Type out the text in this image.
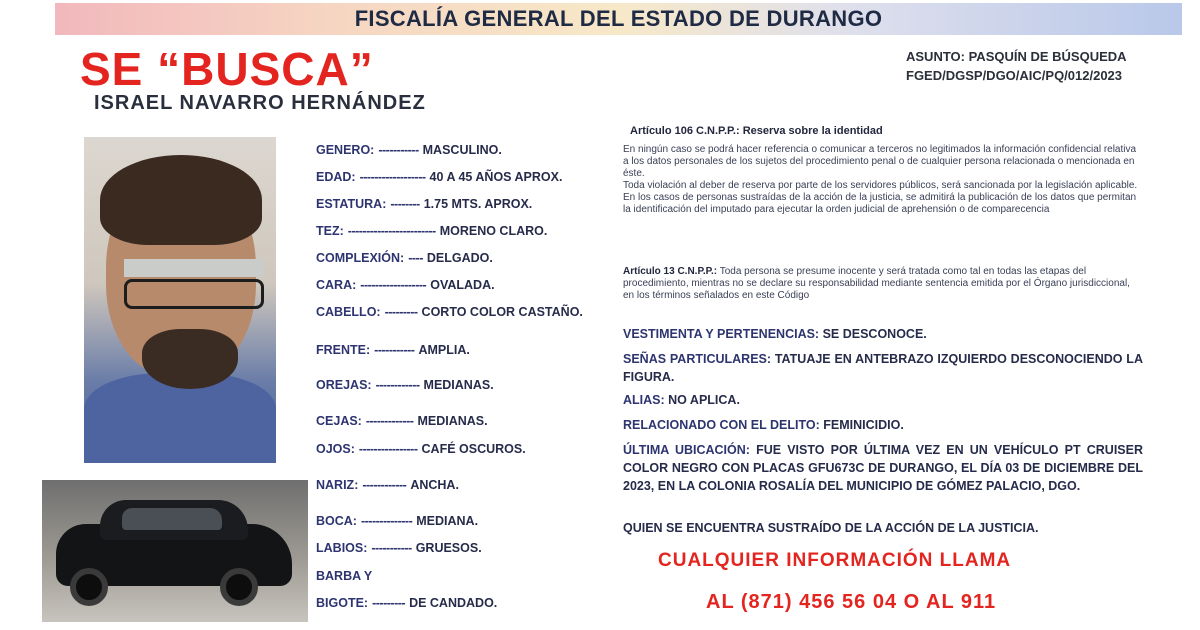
FISCALÍA GENERAL DEL ESTADO DE DURANGO
SE “BUSCA”
ISRAEL NAVARRO HERNÁNDEZ
ASUNTO: PASQUÍN DE BÚSQUEDA
FGED/DGSP/DGO/AIC/PQ/012/2023
GENERO: ----------- MASCULINO.
EDAD: ------------------ 40 A 45 AÑOS APROX.
ESTATURA: -------- 1.75 MTS. APROX.
TEZ: ------------------------ MORENO CLARO.
COMPLEXIÓN: ---- DELGADO.
CARA: ------------------ OVALADA.
CABELLO: --------- CORTO COLOR CASTAÑO.
FRENTE: ----------- AMPLIA.
OREJAS: ------------ MEDIANAS.
CEJAS: ------------- MEDIANAS.
OJOS: ---------------- CAFÉ OSCUROS.
NARIZ: ------------ ANCHA.
BOCA: -------------- MEDIANA.
LABIOS: ----------- GRUESOS.
BARBA Y
BIGOTE: --------- DE CANDADO.
Artículo 106 C.N.P.P.: Reserva sobre la identidad
En ningún caso se podrá hacer referencia o comunicar a terceros no legitimados la información confidencial relativa a los datos personales de los sujetos del procedimiento penal o de cualquier persona relacionada o mencionada en éste.
Toda violación al deber de reserva por parte de los servidores públicos, será sancionada por la legislación aplicable.
En los casos de personas sustraídas de la acción de la justicia, se admitirá la publicación de los datos que permitan la identificación del imputado para ejecutar la orden judicial de aprehensión o de comparecencia
Artículo 13 C.N.P.P.: Toda persona se presume inocente y será tratada como tal en todas las etapas del procedimiento, mientras no se declare su responsabilidad mediante sentencia emitida por el Órgano jurisdiccional, en los términos señalados en este Código
VESTIMENTA Y PERTENENCIAS: SE DESCONOCE.
SEÑAS PARTICULARES: TATUAJE EN ANTEBRAZO IZQUIERDO DESCONOCIENDO LA FIGURA.
ALIAS: NO APLICA.
RELACIONADO CON EL DELITO: FEMINICIDIO.
ÚLTIMA UBICACIÓN: FUE VISTO POR ÚLTIMA VEZ EN UN VEHÍCULO PT CRUISER COLOR NEGRO CON PLACAS GFU673C DE DURANGO, EL DÍA 03 DE DICIEMBRE DEL 2023, EN LA COLONIA ROSALÍA DEL MUNICIPIO DE GÓMEZ PALACIO, DGO.
QUIEN SE ENCUENTRA SUSTRAÍDO DE LA ACCIÓN DE LA JUSTICIA.
CUALQUIER INFORMACIÓN LLAMA
AL (871) 456 56 04 O AL 911
